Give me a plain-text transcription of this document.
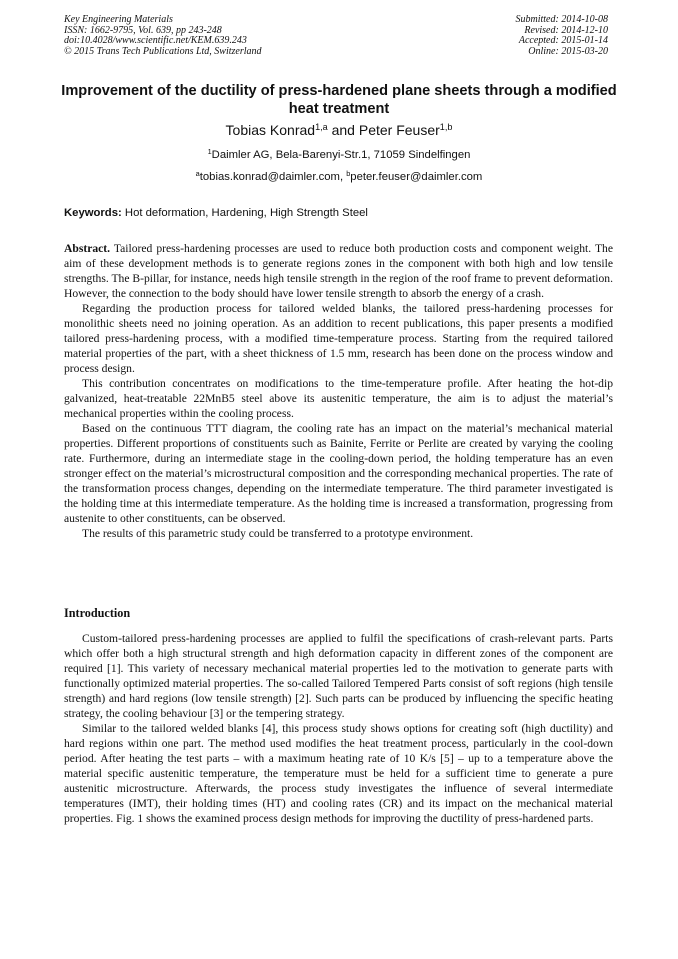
Key Engineering Materials
ISSN: 1662-9795, Vol. 639, pp 243-248
doi:10.4028/www.scientific.net/KEM.639.243
© 2015 Trans Tech Publications Ltd, Switzerland
Submitted: 2014-10-08
Revised: 2014-12-10
Accepted: 2015-01-14
Online: 2015-03-20
Improvement of the ductility of press-hardened plane sheets through a modified heat treatment
Tobias Konrad$^{1,a}$ and Peter Feuser$^{1,b}$
$^1$Daimler AG, Bela-Barenyi-Str.1, 71059 Sindelfingen
$^a$tobias.konrad@daimler.com, $^b$peter.feuser@daimler.com
Keywords: Hot deformation, Hardening, High Strength Steel

Abstract. Tailored press-hardening processes are used to reduce both production costs and component weight. The aim of these development methods is to generate regions zones in the component with both high and low tensile strengths. The B-pillar, for instance, needs high tensile strength in the region of the roof frame to prevent deformation. However, the connection to the body should have lower tensile strength to absorb the energy of a crash.

Regarding the production process for tailored welded blanks, the tailored press-hardening processes for monolithic sheets need no joining operation. As an addition to recent publications, this paper presents a modified tailored press-hardening process, with a modified time-temperature process. Starting from the required tailored material properties of the part, with a sheet thickness of 1.5 mm, research has been done on the process window and process design.

This contribution concentrates on modifications to the time-temperature profile. After heating the hot-dip galvanized, heat-treatable 22MnB5 steel above its austenitic temperature, the aim is to adjust the material’s mechanical properties within the cooling process.

Based on the continuous TTT diagram, the cooling rate has an impact on the material’s mechanical material properties. Different proportions of constituents such as Bainite, Ferrite or Perlite are created by varying the cooling rate. Furthermore, during an intermediate stage in the cooling-down period, the holding temperature has an even stronger effect on the material’s microstructural composition and the corresponding mechanical properties. The rate of the transformation process changes, depending on the intermediate temperature. The third parameter investigated is the holding time at this intermediate temperature. As the holding time is increased a transformation, progressing from austenite to other constituents, can be observed.

The results of this parametric study could be transferred to a prototype environment.

Introduction

Custom-tailored press-hardening processes are applied to fulfil the specifications of crash-relevant parts. Parts which offer both a high structural strength and high deformation capacity in different zones of the component are required [1]. This variety of necessary mechanical material properties led to the motivation to generate parts with functionally optimized material properties. The so-called Tailored Tempered Parts consist of soft regions (high tensile strength) and hard regions (low tensile strength) [2]. Such parts can be produced by influencing the specific heating strategy, the cooling behaviour [3] or the tempering strategy.

Similar to the tailored welded blanks [4], this process study shows options for creating soft (high ductility) and hard regions within one part. The method used modifies the heat treatment process, particularly in the cool-down period. After heating the test parts – with a maximum heating rate of 10 K/s [5] – up to a temperature above the material specific austenitic temperature, the temperature must be held for a sufficient time to generate a pure austenitic microstructure. Afterwards, the process study investigates the influence of several intermediate temperatures (IMT), their holding times (HT) and cooling rates (CR) and its impact on the mechanical material properties. Fig. 1 shows the examined process design methods for improving the ductility of press-hardened parts.
